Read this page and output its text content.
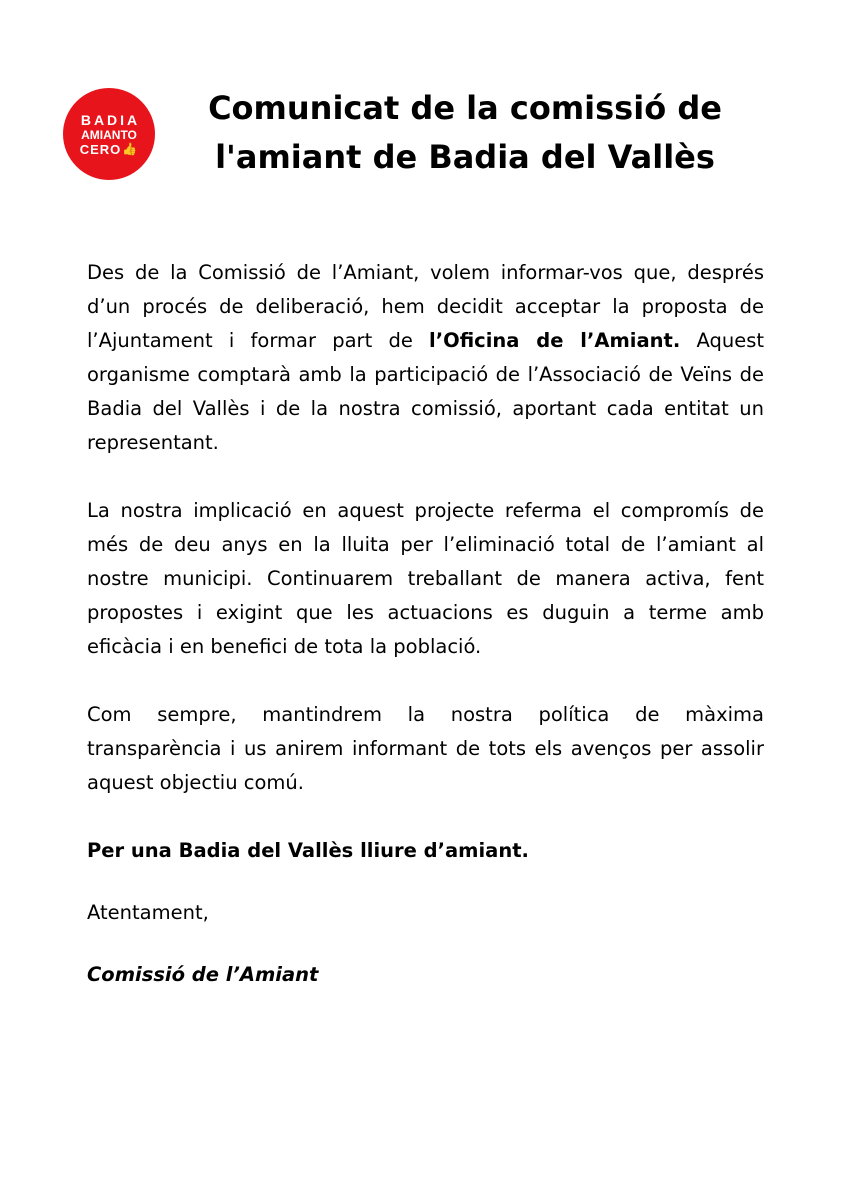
BADIA
AMIANTO
CERO 👍
Comunicat de la comissió de
l'amiant de Badia del Vallès

Des de la Comissió de l’Amiant, volem informar-vos que, després d’un procés de deliberació, hem decidit acceptar la proposta de l’Ajuntament i formar part de l’Oficina de l’Amiant. Aquest organisme comptarà amb la participació de l’Associació de Veïns de Badia del Vallès i de la nostra comissió, aportant cada entitat un representant.

La nostra implicació en aquest projecte referma el compromís de més de deu anys en la lluita per l’eliminació total de l’amiant al nostre municipi. Continuarem treballant de manera activa, fent propostes i exigint que les actuacions es duguin a terme amb eficàcia i en benefici de tota la població.

Com sempre, mantindrem la nostra política de màxima transparència i us anirem informant de tots els avenços per assolir aquest objectiu comú.

Per una Badia del Vallès lliure d’amiant.

Atentament,

Comissió de l’Amiant
